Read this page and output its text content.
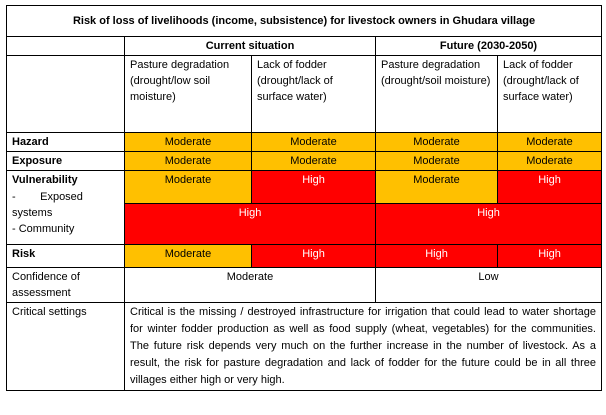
Risk of loss of livelihoods (income, subsistence) for livestock owners in Ghudara village				
	Current situation		Future (2030-2050)	
	Pasture degradation (drought/low soil moisture)	Lack of fodder (drought/lack of surface water)	Pasture degradation (drought/soil moisture)	Lack of fodder (drought/lack of surface water)
Hazard	Moderate	Moderate	Moderate	Moderate
Exposure	Moderate	Moderate	Moderate	Moderate

Vulnerability
-        Exposed
systems
- Community	Moderate	High	Moderate	High
	High		High	
Risk	Moderate	High	High	High
Confidence of assessment	Moderate		Low	
Critical settings	Critical is the missing / destroyed infrastructure for irrigation that could lead to water shortage for winter fodder production as well as food supply (wheat, vegetables) for the communities. The future risk depends very much on the further increase in the number of livestock. As a result, the risk for pasture degradation and lack of fodder for the future could be in all three villages either high or very high.			
